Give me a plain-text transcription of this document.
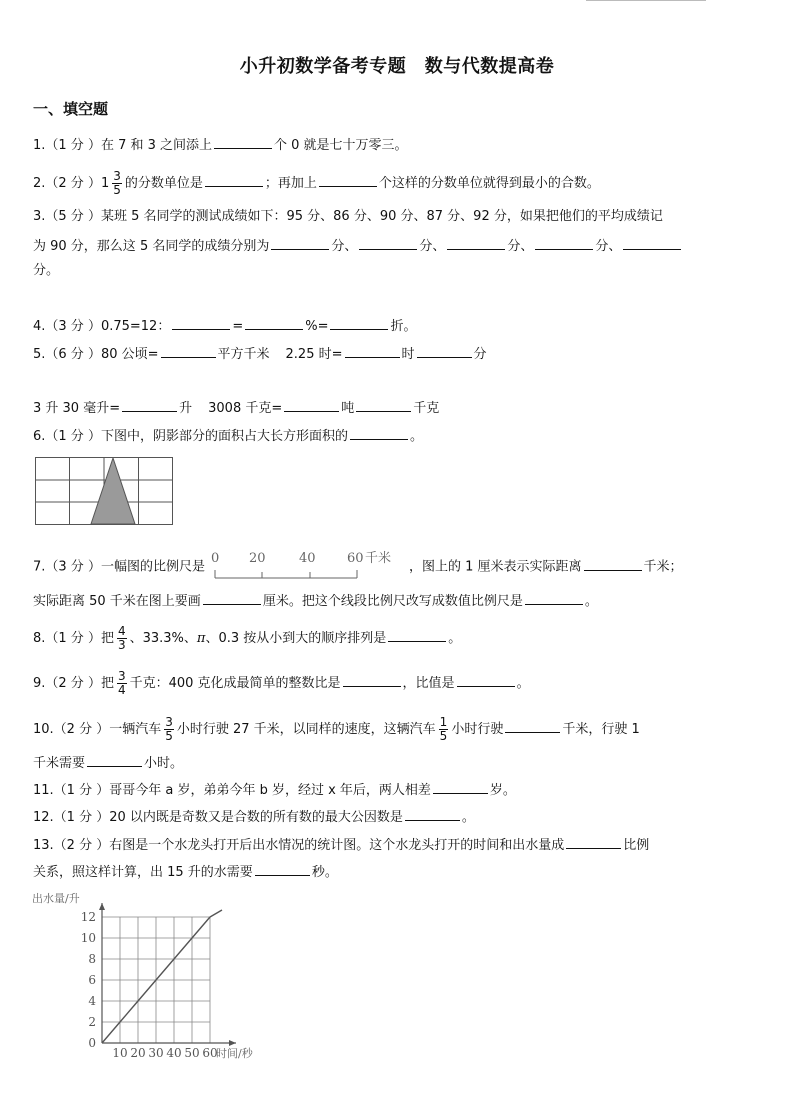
小升初数学备考专题　数与代数提高卷
一、填空题
1.（1 分 ）在 7 和 3 之间添上	个 0 就是七十万零三。
2.（2 分 ）$1 \frac{3}{5}$ 的分数单位是	；再加上	个这样的分数单位就得到最小的合数。
3.（5 分 ）某班 5 名同学的测试成绩如下：95 分、86 分、90 分、87 分、92 分，如果把他们的平均成绩记
为 90 分，那么这 5 名同学的成绩分别为	分、	分、	分、	分、
分。
4.（3 分 ）0.75=12：	=	%=	折。
5.（6 分 ）80 公顷=	平方千米 2.25 时=	时	分
3 升 30 毫升=	升 3008 千克=	吨	千克
6.（1 分 ）下图中，阴影部分的面积占大长方形面积的	。
7.（3 分 ）一幅图的比例尺是
0 20	40 60 千米
，图上的 1 厘米表示实际距离	千米；
实际距离 50 千米在图上要画	厘米。把这个线段比例尺改写成数值比例尺是	。
8.（1 分 ）把 $\frac{4}{3}$ 、33.3%、π、0.3 按从小到大的顺序排列是	。
9.（2 分 ）把 $\frac{3}{4}$ 千克：400 克化成最简单的整数比是	，比值是	。
10.（2 分 ）一辆汽车 $\frac{3}{5}$ 小时行驶 27 千米，以同样的速度，这辆汽车 $\frac{1}{5}$ 小时行驶	千米，行驶 1
千米需要	小时。
11.（1 分 ）哥哥今年 a 岁，弟弟今年 b 岁，经过 x 年后，两人相差	岁。
12.（1 分 ）20 以内既是奇数又是合数的所有数的最大公因数是	。
13.（2 分 ）右图是一个水龙头打开后出水情况的统计图。这个水龙头打开的时间和出水量成	比例
关系，照这样计算，出 15 升的水需要	秒。
0
2
4
6
8
10
12
10 20 30 40 50 60
出水量/升
时间/秒
